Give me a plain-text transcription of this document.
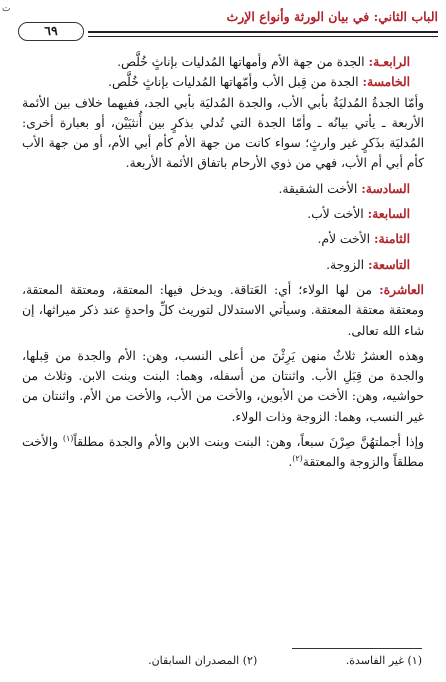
الباب الثاني: في بيان الورثة وأنواع الإرث
٦٩
ت

الرابعـة: الجدة من جهة الأم وأمهاتها المُدليات بإناثٍ خُلَّص.

الخامسة: الجدة من قِبل الأب وأمّهاتها المُدليات بإناثٍ خُلَّص.

وأمّا الجدةُ المُدليَةُ بأبي الأب، والجدة المُدليَة بأبي الجد، ففيهما خلاف بين الأئمة الأربعة ـ يأتي بيانُه ـ وأمّا الجدة التي تُدلي بذكرٍ بين أُنثيَيْن، أو بعبارة أخرى: المُدليَة بذَكرٍ غير وارثٍ؛ سواء كانت من جهة الأم كأم أبي الأم، أو من جهة الأب كأم أبي أم الأب، فهي من ذوي الأرحام باتفاق الأئمة الأربعة.

السادسة: الأخت الشقيقة.

السابعة: الأخت لأب.

الثامنة: الأخت لأم.

التاسعة: الزوجة.

العاشرة: من لها الولاء؛ أي: العَتاقة. ويدخل فيها: المعتقة، ومعتقة المعتقة، ومعتقة معتقة المعتقة. وسيأتي الاستدلال لتوريث كلِّ واحدةٍ عند ذكر ميراثها، إن شاء الله تعالى.

وهذه العشرُ ثلاثٌ منهن يَرِثْنَ من أعلى النسب، وهن: الأم والجدة من قِبلها، والجدة من قِبَلِ الأب. واثنتان من أسفله، وهما: البنت وبنت الابن. وثلاث من حواشيه، وهن: الأخت من الأبوين، والأخت من الأب، والأخت من الأم. واثنتان من غير النسب، وهما: الزوجة وذات الولاء.

وإذا أجملتهُنَّ صِرْنَ سبعاً، وهن: البنت وبنت الابن والأم والجدة مطلقاً$^{(١)}$ والأخت مطلقاً والزوجة والمعتقة$^{(٢)}$.

(١) غير الفاسدة. (٢) المصدران السابقان.
